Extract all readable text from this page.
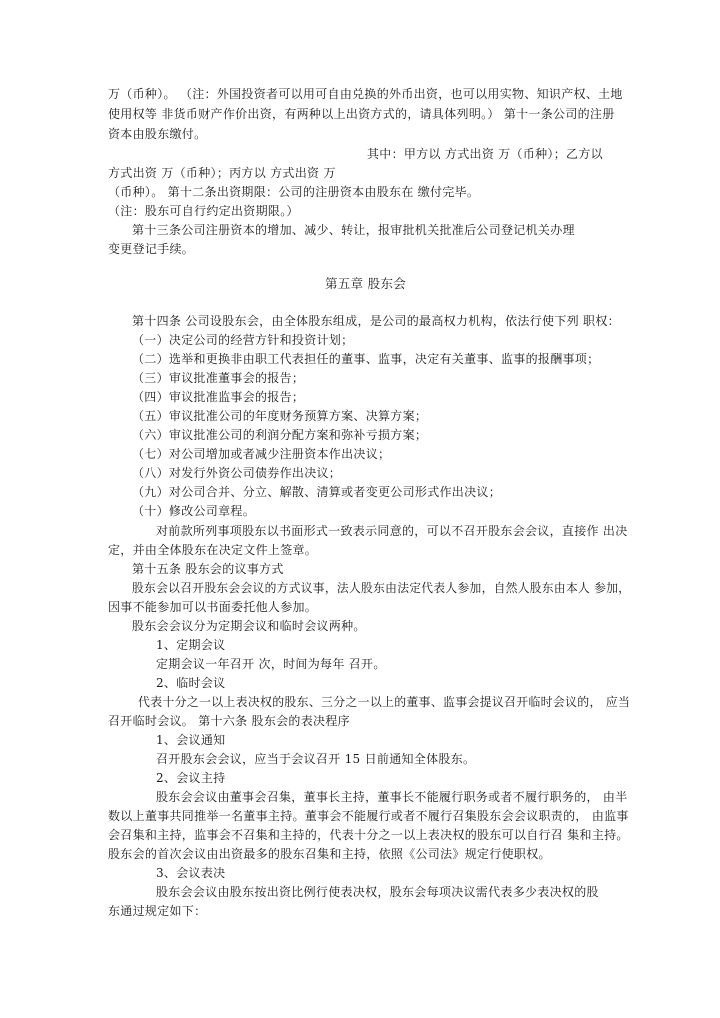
万（币种）。 （注：外国投资者可以用可自由兑换的外币出资，也可以用实物、知识产权、土地
使用权等 非货币财产作价出资，有两种以上出资方式的，请具体列明。） 第十一条公司的注册
资本由股东缴付。
其中：甲方以 方式出资 万（币种）；乙方以
方式出资 万（币种）；丙方以 方式出资 万
（币种）。 第十二条出资期限：公司的注册资本由股东在 缴付完毕。
（注：股东可自行约定出资期限。）
第十三条公司注册资本的增加、减少、转让，报审批机关批准后公司登记机关办理
变更登记手续。
第五章 股东会
第十四条 公司设股东会，由全体股东组成，是公司的最高权力机构，依法行使下列 职权：
（一）决定公司的经营方针和投资计划；
（二）选举和更换非由职工代表担任的董事、监事，决定有关董事、监事的报酬事项；
（三）审议批准董事会的报告；
（四）审议批准监事会的报告；
（五）审议批准公司的年度财务预算方案、决算方案；
（六）审议批准公司的利润分配方案和弥补亏损方案；
（七）对公司增加或者减少注册资本作出决议；
（八）对发行外资公司债券作出决议；
（九）对公司合并、分立、解散、清算或者变更公司形式作出决议；
（十）修改公司章程。
对前款所列事项股东以书面形式一致表示同意的，可以不召开股东会会议，直接作 出决
定，并由全体股东在决定文件上签章。
第十五条 股东会的议事方式
股东会以召开股东会会议的方式议事，法人股东由法定代表人参加，自然人股东由本人 参加，
因事不能参加可以书面委托他人参加。
股东会会议分为定期会议和临时会议两种。
1、定期会议
定期会议一年召开 次，时间为每年 召开。
2、临时会议
代表十分之一以上表决权的股东、三分之一以上的董事、监事会提议召开临时会议的， 应当
召开临时会议。 第十六条 股东会的表决程序
1、会议通知
召开股东会会议，应当于会议召开 15 日前通知全体股东。
2、会议主持
股东会会议由董事会召集，董事长主持，董事长不能履行职务或者不履行职务的， 由半
数以上董事共同推举一名董事主持。董事会不能履行或者不履行召集股东会会议职责的， 由监事
会召集和主持，监事会不召集和主持的，代表十分之一以上表决权的股东可以自行召 集和主持。
股东会的首次会议由出资最多的股东召集和主持，依照《公司法》规定行使职权。
3、会议表决
股东会会议由股东按出资比例行使表决权，股东会每项决议需代表多少表决权的股
东通过规定如下：
